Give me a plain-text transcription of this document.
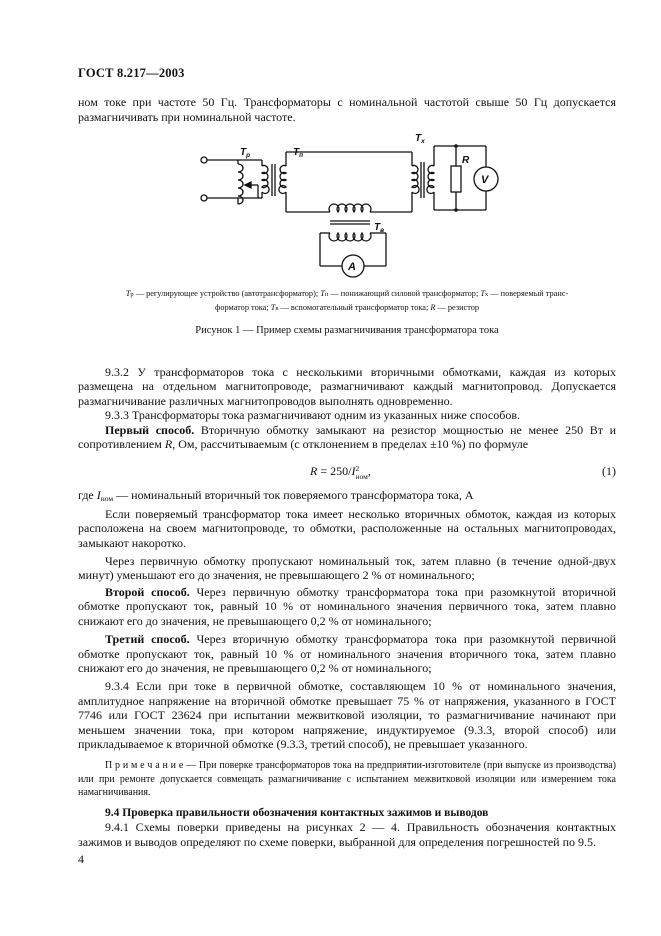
ГОСТ 8.217—2003
ном токе при частоте 50 Гц. Трансформаторы с номинальной частотой свыше 50 Гц допускается размагничивать при номинальной частоте.
$T_р$	$T_п$
$T_х$
$T_в$
R
V
A
Tр — регулирующее устройство (автотрансформатор); Tп — понижающий силовой трансформатор; Tх — поверяемый транс-
форматор тока; Tв — вспомогательный трансформатор тока; R — резистор
Рисунок 1 — Пример схемы размагничивания трансформатора тока

9.3.2 У трансформаторов тока с несколькими вторичными обмотками, каждая из которых размещена на отдельном магнитопроводе, размагничивают каждый магнитопровод. Допускается размагничивание различных магнитопроводов выполнять одновременно.

9.3.3 Трансформаторы тока размагничивают одним из указанных ниже способов.

Первый способ. Вторичную обмотку замыкают на резистор мощностью не менее 250 Вт и сопротивлением R, Ом, рассчитываемым (с отклонением в пределах ±10 %) по формуле

R = 250/I2
ном,	(1)

где Iном — номинальный вторичный ток поверяемого трансформатора тока, А

Если поверяемый трансформатор тока имеет несколько вторичных обмоток, каждая из которых расположена на своем магнитопроводе, то обмотки, расположенные на остальных магнитопроводах, замыкают накоротко.

Через первичную обмотку пропускают номинальный ток, затем плавно (в течение одной-двух минут) уменьшают его до значения, не превышающего 2 % от номинального;

Второй способ. Через первичную обмотку трансформатора тока при разомкнутой вторичной обмотке пропускают ток, равный 10 % от номинального значения первичного тока, затем плавно снижают его до значения, не превышающего 0,2 % от номинального;

Третий способ. Через вторичную обмотку трансформатора тока при разомкнутой первичной обмотке пропускают ток, равный 10 % от номинального значения вторичного тока, затем плавно снижают его до значения, не превышающего 0,2 % от номинального;

9.3.4 Если при токе в первичной обмотке, составляющем 10 % от номинального значения, амплитудное напряжение на вторичной обмотке превышает 75 % от напряжения, указанного в ГОСТ 7746 или ГОСТ 23624 при испытании межвитковой изоляции, то размагничивание начинают при меньшем значении тока, при котором напряжение, индуктируемое (9.3.3, второй способ) или прикладываемое к вторичной обмотке (9.3.3, третий способ), не превышает указанного.

П р и м е ч а н и е — При поверке трансформаторов тока на предприятии-изготовителе (при выпуске из производства) или при ремонте допускается совмещать размагничивание с испытанием межвитковой изоляции или измерением тока намагничивания.

9.4 Проверка правильности обозначения контактных зажимов и выводов

9.4.1 Схемы поверки приведены на рисунках 2 — 4. Правильность обозначения контактных зажимов и выводов определяют по схеме поверки, выбранной для определения погрешностей по 9.5.

4
